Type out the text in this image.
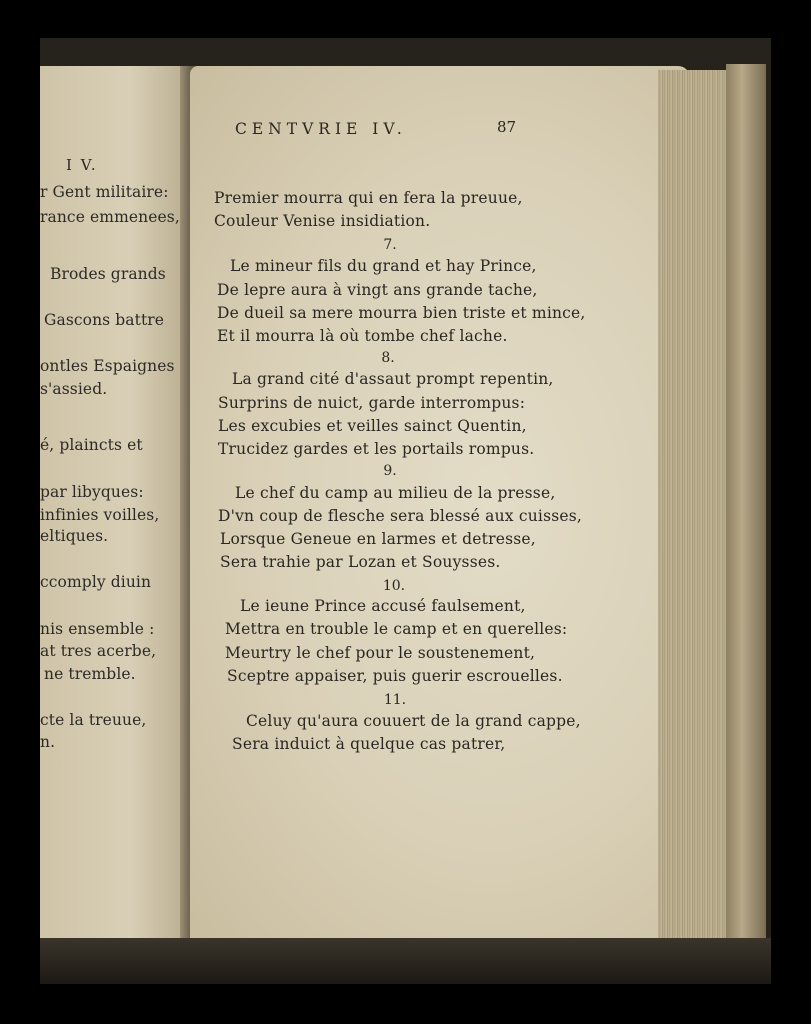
I V.

r Gent militaire:

rance emmenees,

Brodes grands

Gascons battre

ontles Espaignes

s'assied.

é, plaincts et

par libyques:

infinies voilles,

eltiques.

ccomply diuin

nis ensemble :

at tres acerbe,

ne tremble.

cte la treuue,

n.

CENTVRIE IV.	87

Premier mourra qui en fera la preuue,

Couleur Venise insidiation.

7.

Le mineur fils du grand et hay Prince,

De lepre aura à vingt ans grande tache,

De dueil sa mere mourra bien triste et mince,

Et il mourra là où tombe chef lache.

8.

La grand cité d'assaut prompt repentin,

Surprins de nuict, garde interrompus:

Les excubies et veilles sainct Quentin,

Trucidez gardes et les portails rompus.

9.

Le chef du camp au milieu de la presse,

D'vn coup de flesche sera blessé aux cuisses,

Lorsque Geneue en larmes et detresse,

Sera trahie par Lozan et Souysses.

10.

Le ieune Prince accusé faulsement,

Mettra en trouble le camp et en querelles:

Meurtry le chef pour le soustenement,

Sceptre appaiser, puis guerir escrouelles.

11.

Celuy qu'aura couuert de la grand cappe,

Sera induict à quelque cas patrer,
